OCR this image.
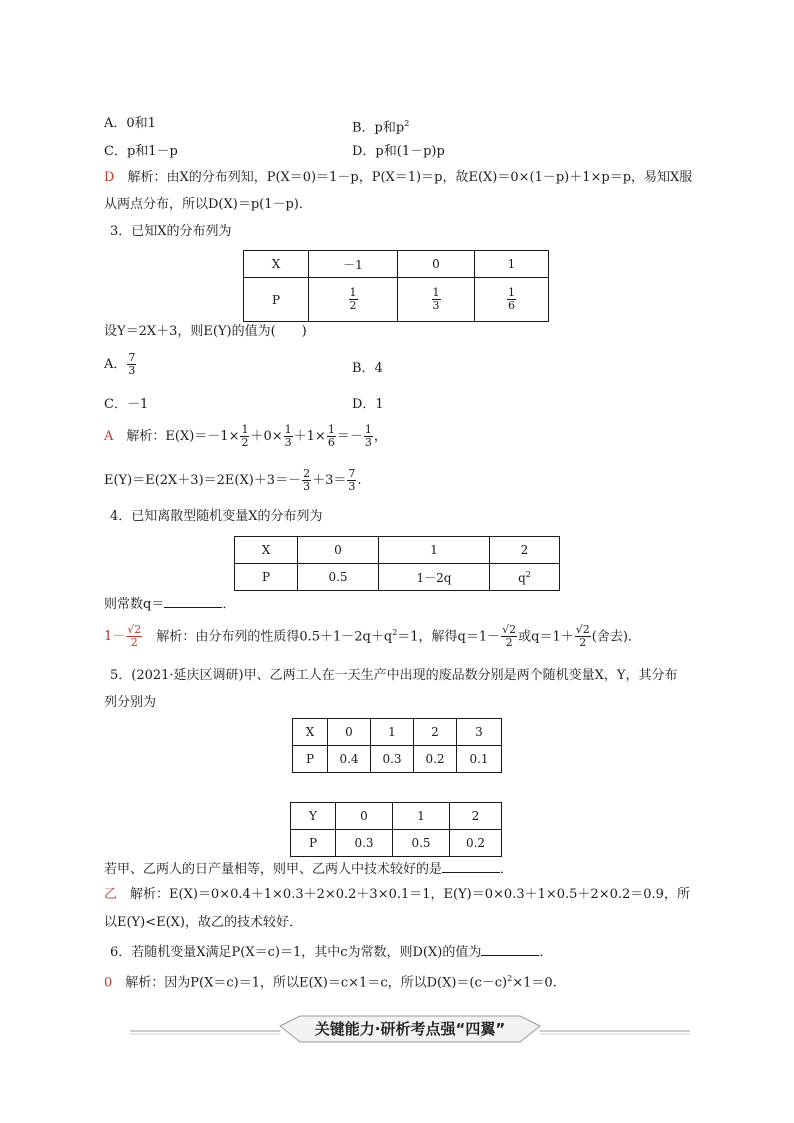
A．0和1	B．p和$p^2$
C．p和1－p	D．p和(1－p)p
D　 解析：由X的分布列知，P(X＝0)＝1－p，P(X＝1)＝p，故E(X)＝0×(1－p)＋1×p＝p，易知X服
从两点分布，所以D(X)＝p(1－p)．
3．已知X的分布列为
X	－1	0	1
P	$\frac{1}{2}$	$\frac{1}{3}$	$\frac{1}{6}$
设Y＝2X＋3，则E(Y)的值为(　　)
A． $\frac{7}{3}$	B．4
C．－1	D．1
A　 解析：$E(X)=-1\times \frac{1}{2} +0\times \frac{1}{3} +1\times \frac{1}{6} =- \frac{1}{3}$ ，
$E(Y)=E(2X+3)=2E(X)+3=- \frac{2}{3} +3= \frac{7}{3}$ .
4．已知离散型随机变量X的分布列为
X	0	1	2
P	0.5	1－2q	$q^2$
则常数q＝	．
$1- \frac{√2}{2}$
　 解析：由分布列的性质得$0.5+1-2q+q^2=1$，解得$q=1- \frac{√2}{2}$ 或$q=1+ \frac{√2}{2}$ (舍去)．
5．(2021·延庆区调研)甲、乙两工人在一天生产中出现的废品数分别是两个随机变量X，Y，其分布
列分别为
X	0	1	2	3
P	0.4	0.3	0.2	0.1
Y	0	1	2
P	0.3	0.5	0.2
若甲、乙两人的日产量相等，则甲、乙两人中技术较好的是	．
乙　 解析：E(X)＝0×0.4＋1×0.3＋2×0.2＋3×0.1＝1，E(Y)＝0×0.3＋1×0.5＋2×0.2＝0.9，所
以E(Y)<E(X)，故乙的技术较好．
6．若随机变量X满足P(X＝c)＝1，其中c为常数，则D(X)的值为	．
0　 解析：因为P(X＝c)＝1，所以E(X)＝c×1＝c，所以$D(X)=(c-c)^2\times 1=0$.
关键能力·研析考点强“四翼”
